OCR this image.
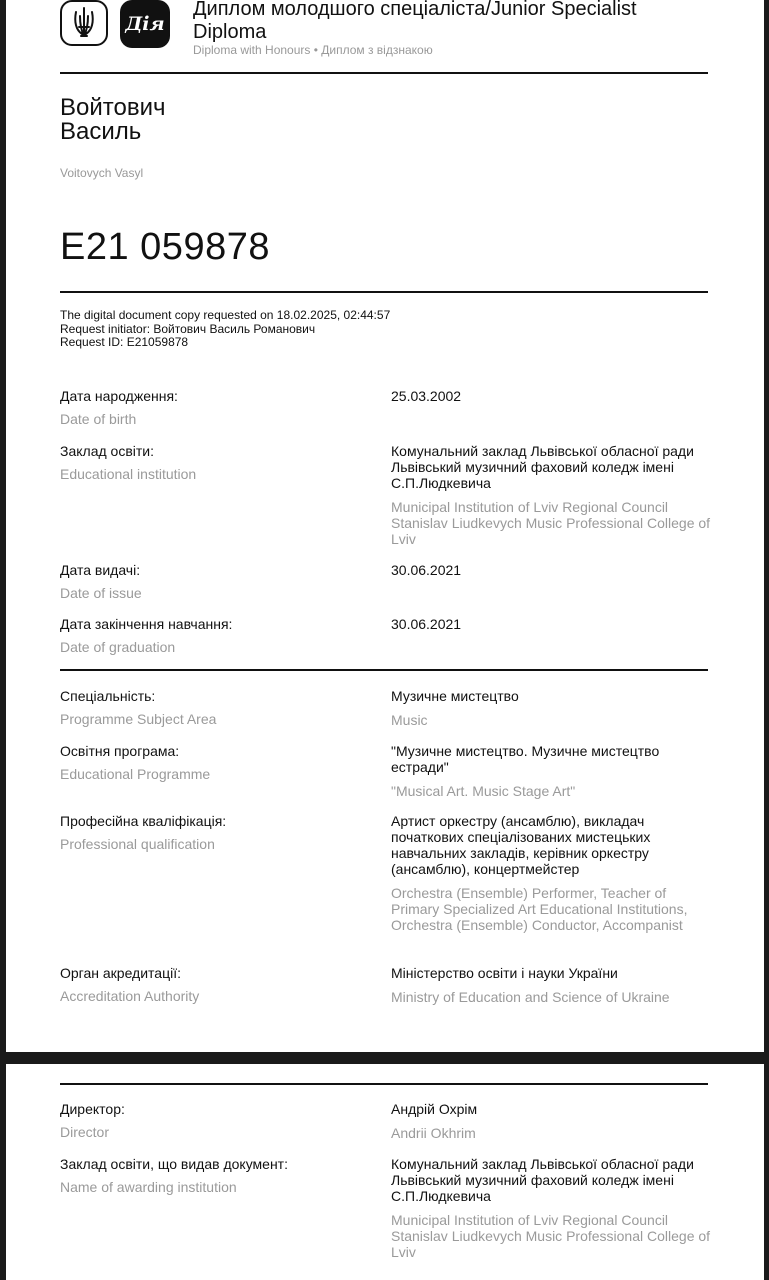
Дія
Диплом молодшого спеціаліста/Junior Specialist Diploma
Diploma with Honours • Диплом з відзнакою
Войтович
Василь
Voitovych Vasyl
E21 059878
The digital document copy requested on 18.02.2025, 02:44:57
Request initiator: Войтович Василь Романович
Request ID: E21059878
Дата народження:
Date of birth
25.03.2002
Заклад освіти:
Educational institution
Комунальний заклад Львівської обласної ради Львівський музичний фаховий коледж імені С.П.Людкевича
Municipal Institution of Lviv Regional Council Stanislav Liudkevych Music Professional College of Lviv
Дата видачі:
Date of issue
30.06.2021
Дата закінчення навчання:
Date of graduation
30.06.2021
Спеціальність:
Programme Subject Area
Музичне мистецтво
Music
Освітня програма:
Educational Programme
"Музичне мистецтво. Музичне мистецтво естради"
"Musical Art. Music Stage Art"
Професійна кваліфікація:
Professional qualification
Артист оркестру (ансамблю), викладач початкових спеціалізованих мистецьких навчальних закладів, керівник оркестру (ансамблю), концертмейстер
Orchestra (Ensemble) Performer, Teacher of Primary Specialized Art Educational Institutions, Orchestra (Ensemble) Conductor, Accompanist
Орган акредитації:
Accreditation Authority
Міністерство освіти і науки України
Ministry of Education and Science of Ukraine
Директор:
Director
Андрій Охрім
Andrii Okhrim
Заклад освіти, що видав документ:
Name of awarding institution
Комунальний заклад Львівської обласної ради Львівський музичний фаховий коледж імені С.П.Людкевича
Municipal Institution of Lviv Regional Council Stanislav Liudkevych Music Professional College of Lviv
